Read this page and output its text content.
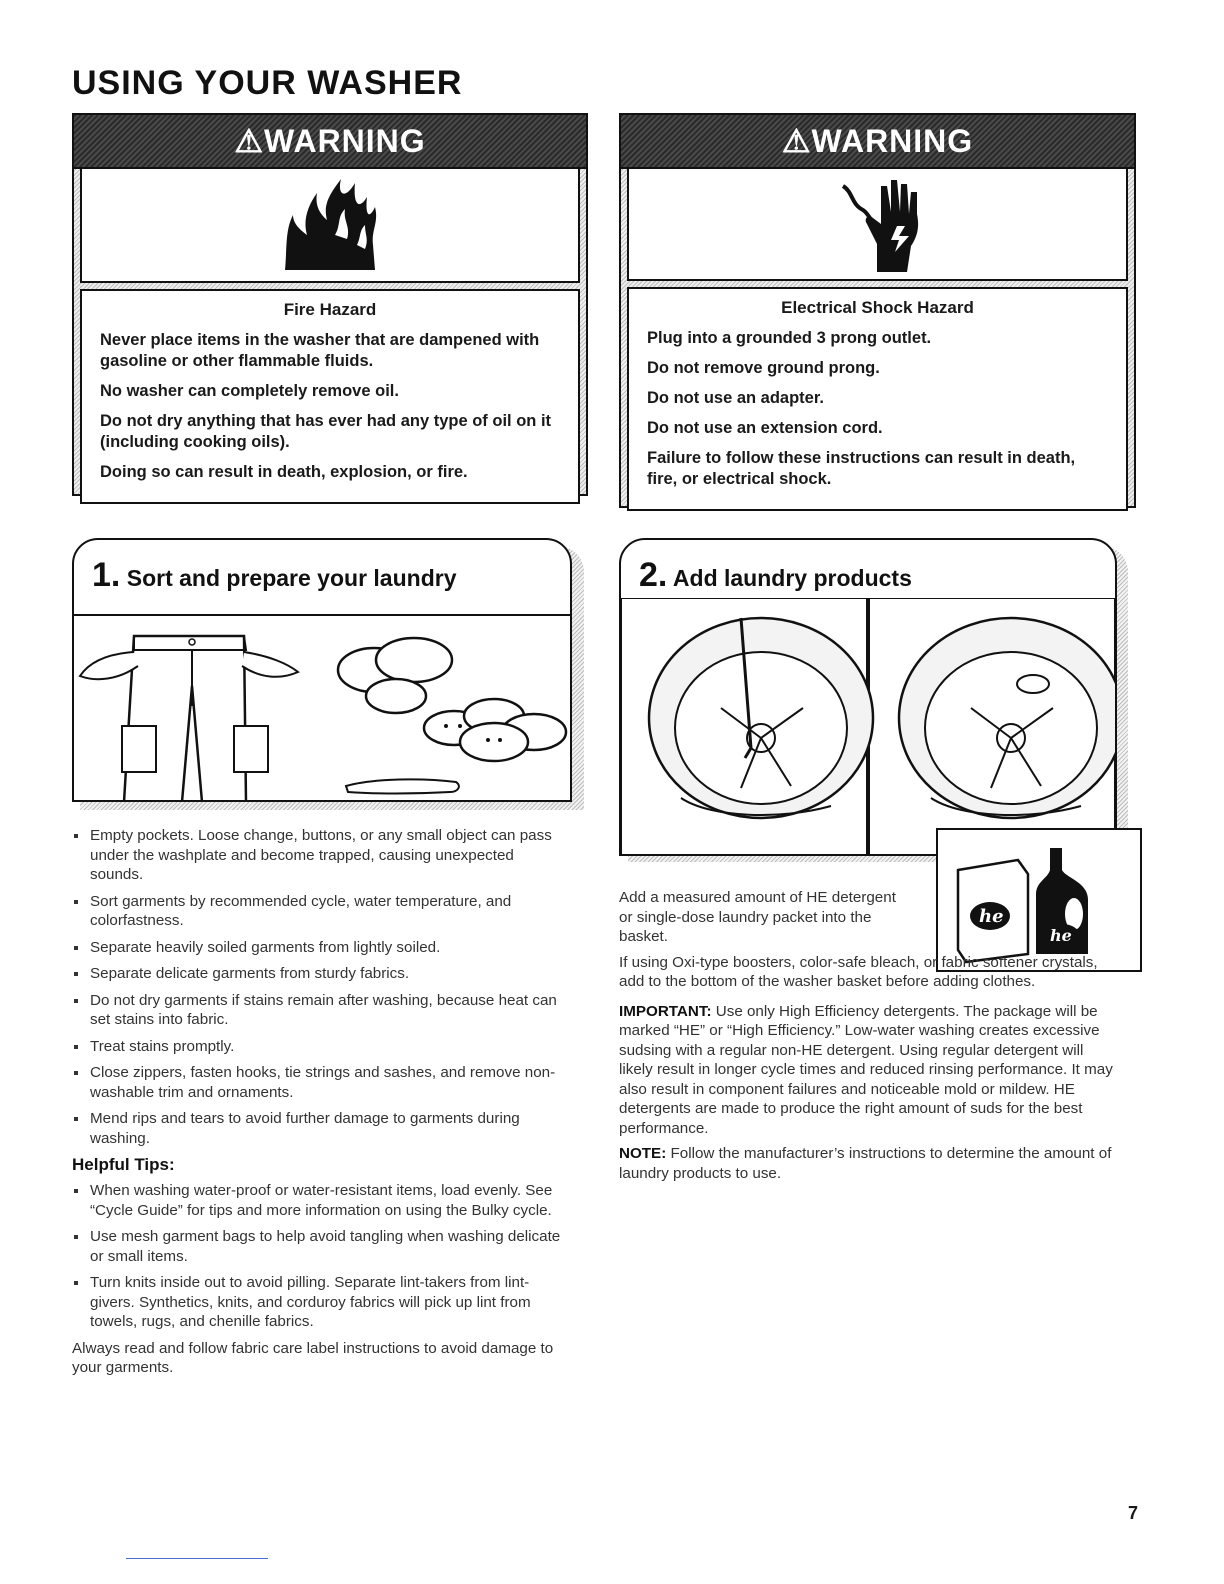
USING YOUR WASHER
⚠WARNING

Fire Hazard

Never place items in the washer that are dampened with gasoline or other flammable fluids.

No washer can completely remove oil.

Do not dry anything that has ever had any type of oil on it (including cooking oils).

Doing so can result in death, explosion, or fire.

⚠WARNING

Electrical Shock Hazard

Plug into a grounded 3 prong outlet.

Do not remove ground prong.

Do not use an adapter.

Do not use an extension cord.

Failure to follow these instructions can result in death, fire, or electrical shock.

1. Sort and prepare your laundry
Empty pockets. Loose change, buttons, or any small object can pass under the washplate and become trapped, causing unexpected sounds.
Sort garments by recommended cycle, water temperature, and colorfastness.
Separate heavily soiled garments from lightly soiled.
Separate delicate garments from sturdy fabrics.
Do not dry garments if stains remain after washing, because heat can set stains into fabric.
Treat stains promptly.
Close zippers, fasten hooks, tie strings and sashes, and remove non-washable trim and ornaments.
Mend rips and tears to avoid further damage to garments during washing.
Helpful Tips:
When washing water-proof or water-resistant items, load evenly. See “Cycle Guide” for tips and more information on using the Bulky cycle.
Use mesh garment bags to help avoid tangling when washing delicate or small items.
Turn knits inside out to avoid pilling. Separate lint-takers from lint-givers. Synthetics, knits, and corduroy fabrics will pick up lint from towels, rugs, and chenille fabrics.

Always read and follow fabric care label instructions to avoid damage to your garments.

2. Add laundry products
he
he

Add a measured amount of HE detergent or single-dose laundry packet into the basket.

If using Oxi-type boosters, color-safe bleach, or fabric softener crystals, add to the bottom of the washer basket before adding clothes.

IMPORTANT: Use only High Efficiency detergents. The package will be marked “HE” or “High Efficiency.” Low-water washing creates excessive sudsing with a regular non-HE detergent. Using regular detergent will likely result in longer cycle times and reduced rinsing performance. It may also result in component failures and noticeable mold or mildew. HE detergents are made to produce the right amount of suds for the best performance.

NOTE: Follow the manufacturer’s instructions to determine the amount of laundry products to use.

7
